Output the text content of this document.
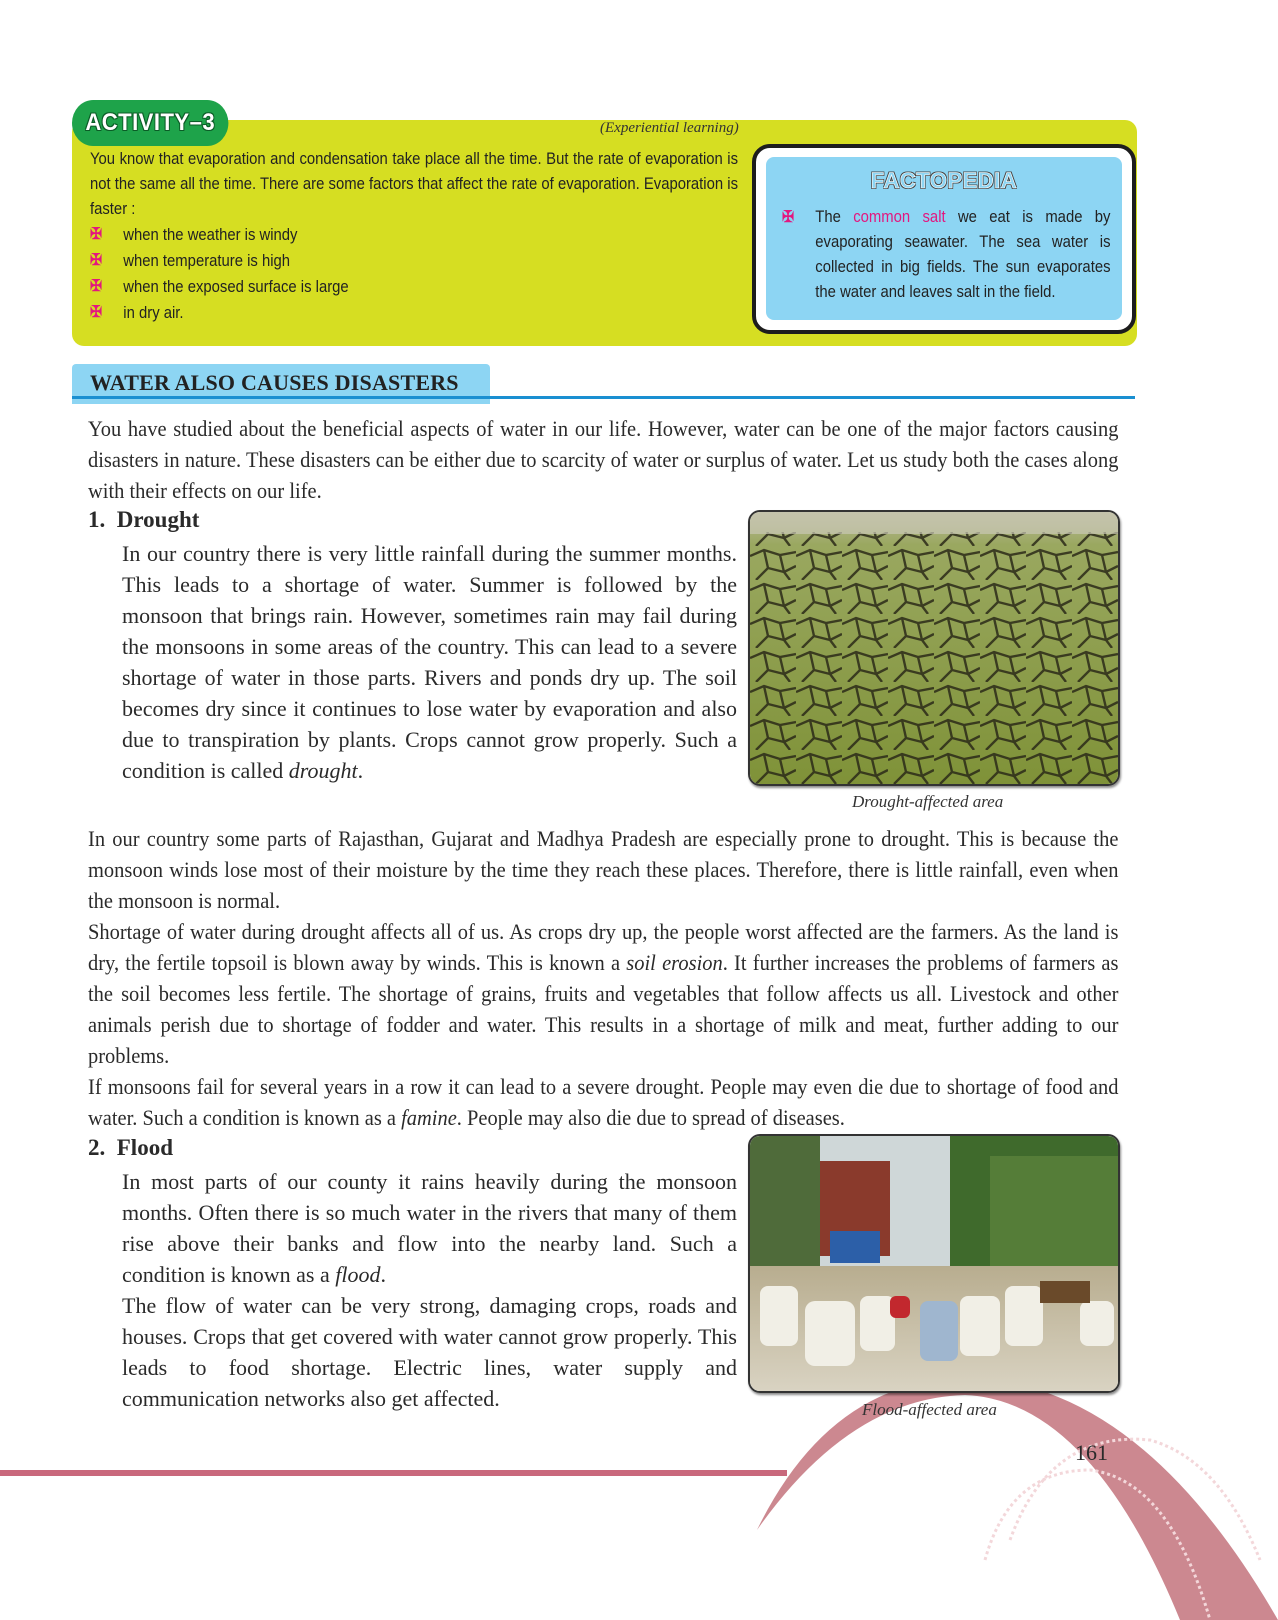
ACTIVITY–3	(Experiential learning)
You know that evaporation and condensation take place all the time. But the rate of evaporation is not the same all the time. There are some factors that affect the rate of evaporation. Evaporation is faster :
✠ when the weather is windy
✠ when temperature is high
✠ when the exposed surface is large
✠ in dry air.
FACTOPEDIA

✠ The common salt we eat is made by evaporating seawater. The sea water is collected in big fields. The sun evaporates the water and leaves salt in the field.

WATER ALSO CAUSES DISASTERS

You have studied about the beneficial aspects of water in our life. However, water can be one of the major factors causing disasters in nature. These disasters can be either due to scarcity of water or surplus of water. Let us study both the cases along with their effects on our life.

1.  Drought

In our country there is very little rainfall during the summer months. This leads to a shortage of water. Summer is followed by the monsoon that brings rain. However, sometimes rain may fail during the monsoons in some areas of the country. This can lead to a severe shortage of water in those parts. Rivers and ponds dry up. The soil becomes dry since it continues to lose water by evaporation and also due to transpiration by plants. Crops cannot grow properly. Such a condition is called drought.

Drought-affected area

In our country some parts of Rajasthan, Gujarat and Madhya Pradesh are especially prone to drought. This is because the monsoon winds lose most of their moisture by the time they reach these places. Therefore, there is little rainfall, even when the monsoon is normal.

Shortage of water during drought affects all of us. As crops dry up, the people worst affected are the farmers. As the land is dry, the fertile topsoil is blown away by winds. This is known a soil erosion. It further increases the problems of farmers as the soil becomes less fertile. The shortage of grains, fruits and vegetables that follow affects us all. Livestock and other animals perish due to shortage of fodder and water. This results in a shortage of milk and meat, further adding to our problems.

If monsoons fail for several years in a row it can lead to a severe drought. People may even die due to shortage of food and water. Such a condition is known as a famine. People may also die due to spread of diseases.

2.  Flood

In most parts of our county it rains heavily during the monsoon months. Often there is so much water in the rivers that many of them rise above their banks and flow into the nearby land. Such a condition is known as a flood.

The flow of water can be very strong, damaging crops, roads and houses. Crops that get covered with water cannot grow properly. This leads to food shortage. Electric lines, water supply and communication networks also get affected.	Flood-affected area
161
